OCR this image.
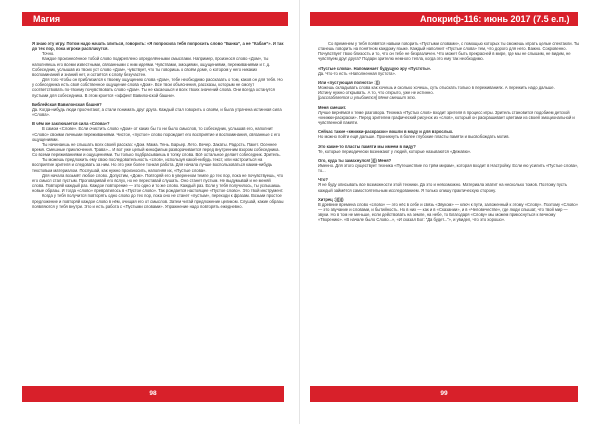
Магия

Я знаю эту игру. Потом надо начать злиться, говорить: «Я попросила тебя попросить слово “Банка”, а не “Кабан”». И так до тех пор, пока игроки расплачутся.

Точно.

Каждое произнесённое тобой слово подкреплено определёнными смыслами. Например, произнося слово «Дом», ты наполняешь его всеми известными, связанными с ним идеями. Чувствами, эмоциями, ощущениями, переживаниями и т. д. Собеседник, услышав из твоих уст слово «Дом», чувствует, что ты говоришь о своём доме, о котором у него никаких воспоминаний и знаний нет, и остаётся к слову безучастен.

Для того чтобы он приблизился к твоему ощущению слова «Дом», тебе необходимо рассказать о том, каков он для тебя. Но у собеседника есть своё собственное ощущение слова «Дом». Все твои объяснения, рассказы, которым не смогут соответствовать по-твоему почувствовать слово «Дом». Ты не касаешься и всех твоих значений слова. Они всегда останутся пустыми для собеседника. В этом кроется «эффект Вавилонской башни».

Библейская Вавилонская башня?

Да. Когда-нибудь люди просчитают, а стали понимать друг друга. Каждый стал говорить о своём, и была утрачена истинная сила «Слова».

В чём же заключается сила «Слова»?

В самом «Слове». Если очистить слово «Дом» от каких бы то ни было смыслов, то собеседник, услышав его, наполнит «Слово» своими личными переживаниями. Чистое, «пустое» слово порождает его восприятие и воспоминания, связанные с его ощущениями.

Ты начинаешь не слышать всех своей рассказ: «Дом. Мама. Тень. Барьер. Лето. Вечер. Закаты. Радость. Пакет. Осеннее время. Смешные приключения. Трава»... И вот уже целый кинофильм разворачивается перед внутренним взором собеседника. Со всеми переживаниями и ощущениями. Ты только подбрасываешь в топку слова. Всё остальное делает собеседник. Зритель.

Ты можешь предложить ему свою последовательность «слов», используя какой-нибудь текст, или настроиться на восприятие зрителя и следовать за ним. Но это уже более тонкая работа. Для начала лучше воспользоваться каким-нибудь текстовым материалом. Послушай, как нужно произносить, наполняя их, «Пустые слова».

Для начала возьмёт любое слово. Допустим, «Дом». Повторяй его в уверенном темпе до тех пор, пока не почувствуешь, что его смысл стал пустым. Проговаривай его вслух, но не переставай слушать. Оно станет пустым. Не выдумывай и не меняй слова. Повторяй каждый раз. Каждое повторение — это одно и то же слово. Каждый раз. Если у тебя получилось, ты услышишь новые образы. И тогда «слово» превратилось в «Пустое слово». Так рождается настоящее «Пустое слово». Это твой инструмент.

Когда у тебя получится повторять одно слово до тех пор, пока оно не станет «пустым», переходи к фразам. Возьми простое предложение и повторяй каждое слово в нём, очищая его от смыслов. Затем читай предложение целиком. Слушай, какие образы появляются у тебя внутри. Это и есть работа с «Пустыми словами». Упражнение надо повторять ежедневно.

98
Апокриф-116: июнь 2017 (7.5 е.п.)

Со временем у тебя появятся навыки говорить «Пустыми словами», с помощью которых ты сможешь играть целые спектакли. Ты станешь говорить на понятном каждому языке. Каждый наполнит «Пустые слова» тем, что дорого для него. Важно. Сокровенно. Почувствует твою близость и то, что он тебе не безразличен. Что может быть прекрасней в мире, где мы не слышим, не видим, не чувствуем друг друга? Подари зрителю немного тепла, когда это ему так необходимо.

«Пустые слова». Напоминает будущую эру «Пустоты».

Да. Что-то есть «Наполненная пустота».

Или «пустующая полнота» :)))

Можешь складывать слова как хочешь и сколько хочешь, суть отыскать только в переживаниях. А пережить надо дальше.

Истину нужно открывать. А то, что открыто, уже не истинно.

[расслабляется и улыбается] Меня смешит это.

Меня смешит.

Лучше вернёмся к теме разговора. Техника «Пустых слов» входит зрителя в процесс игры. Зритель становится подобием детской «книжки-раскраски». Перед зрителем графический рисунок из «слов», который он раскрашивает цветами из своей эмоциональной и чувственной памяти.

Сейчас такие «книжки-раскраски» вошли в моду и для взрослых.

Но можно пойти ещё дальше. Проникнуть в более глубокие пласты памяти и высвобождать мотив.

Это какие-то пласты памяти мы имеем в виду?

Те, которые периодически возникают у людей, которые называются «Дежавю».

Ого, куда ты замахнулся! )))) Меня?

Именно. Для этого существует техника «Путешествие по трём мирам», которая входит в Настройку. Если ею усилить «Пустые слова», то...

Что?

Я не буду описывать все возможности этой техники. Да это и невозможно. Материала хватит на несколько томов. Поэтому пусть каждый займётся самостоятельным исследованием. Я только опишу практическую сторону.

Хитрец :))))))

В древние времена слово «слово» — это нёс в себе и связь «Звуком» — ключ к пути, заложенный к этому «Слову». Поэтому «Слово» — это звучание и словами, и бытийность. Но в них — как и в «Сказании», и в «Человечестве», где люди слышат, что твой мир — звуки. Но в том не меньше, если действовать на земле, на небе, то Благодаря «Слову» мы можем прикоснуться к вечному «Творению». «В начале было Слово...», «И сказал Бог: “Да будет...”», и увидел, что это хорошо».

99
